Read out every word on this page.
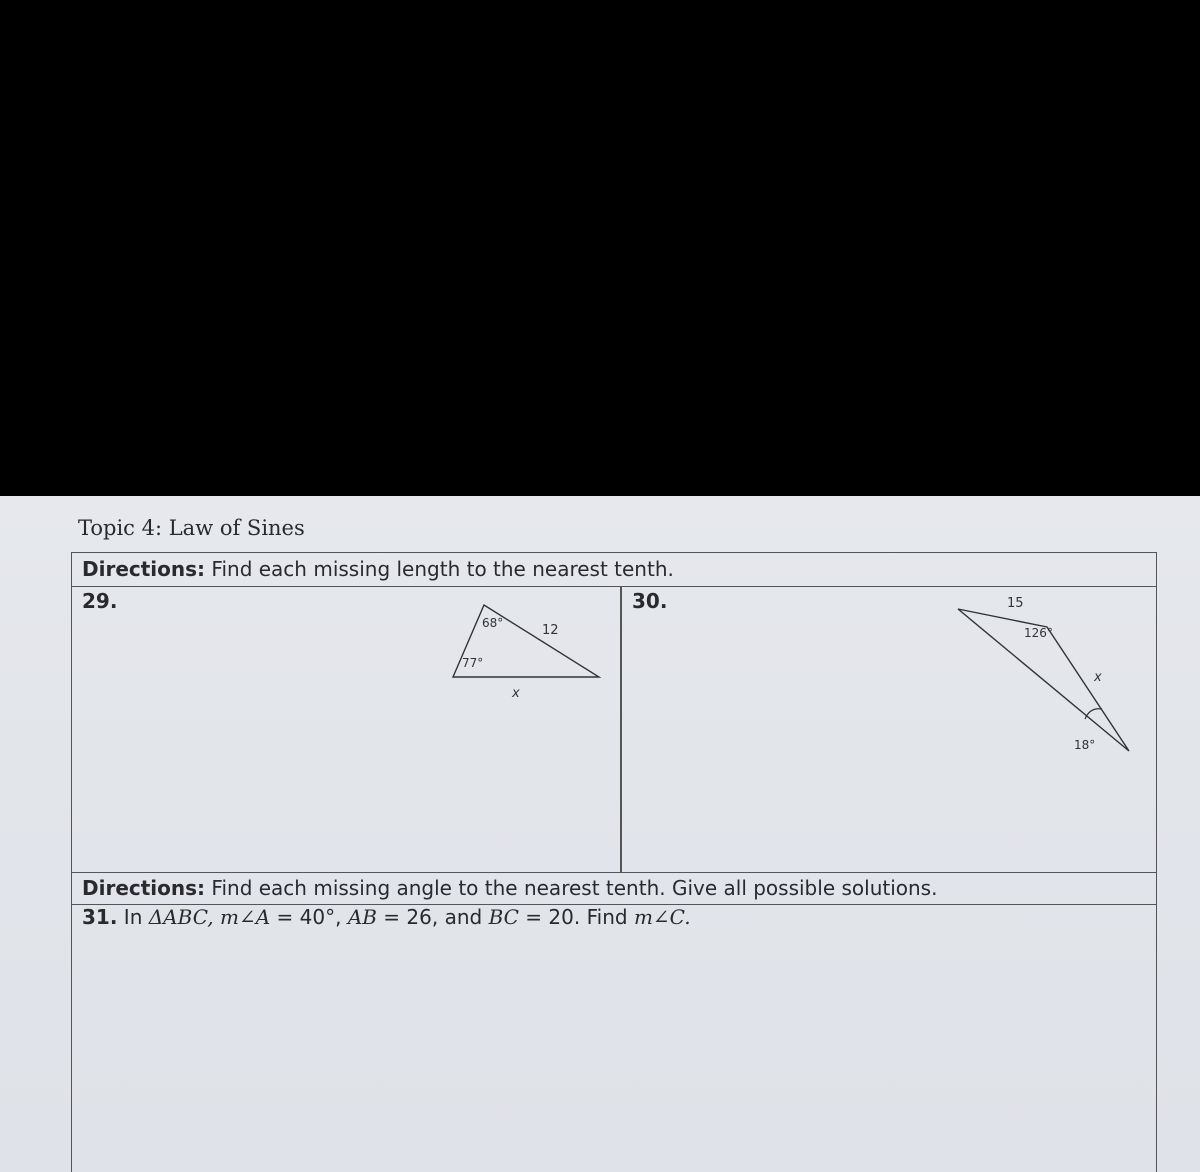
Topic 4: Law of Sines
Directions: Find each missing length to the nearest tenth.
29.
68°
77°
12
x
30.	15
126°
x
18°
Directions: Find each missing angle to the nearest tenth. Give all possible solutions.
31. In ΔABC, m∠A = 40°, AB = 26, and BC = 20. Find m∠C.
